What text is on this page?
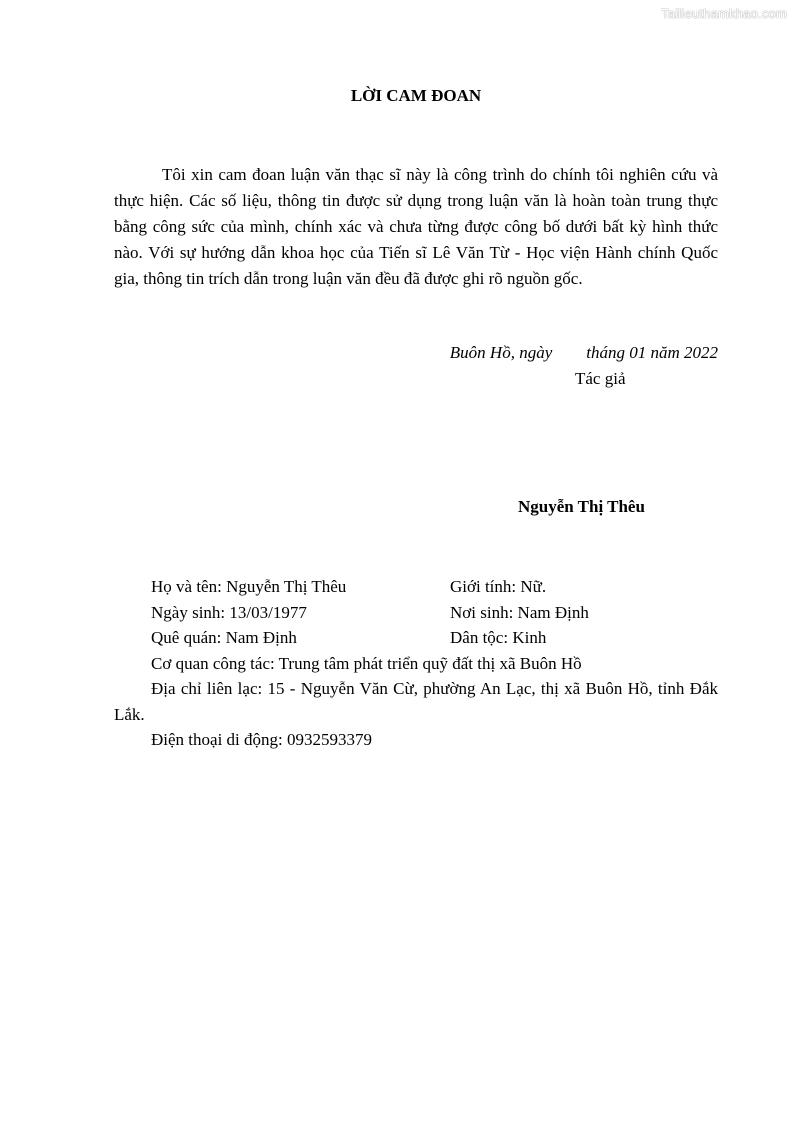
Tailieuthamkhao.com
LỜI CAM ĐOAN

Tôi xin cam đoan luận văn thạc sĩ này là công trình do chính tôi nghiên cứu và thực hiện. Các số liệu, thông tin được sử dụng trong luận văn là hoàn toàn trung thực bằng công sức của mình, chính xác và chưa từng được công bố dưới bất kỳ hình thức nào. Với sự hướng dẫn khoa học của Tiến sĩ Lê Văn Từ - Học viện Hành chính Quốc gia, thông tin trích dẫn trong luận văn đều đã được ghi rõ nguồn gốc.

Buôn Hồ, ngày tháng 01 năm 2022
Tác giả
Nguyễn Thị Thêu
Họ và tên: Nguyễn Thị Thêu	Giới tính: Nữ.
Ngày sinh: 13/03/1977	Nơi sinh: Nam Định
Quê quán: Nam Định	Dân tộc: Kinh
Cơ quan công tác: Trung tâm phát triển quỹ đất thị xã Buôn Hồ

Địa chỉ liên lạc: 15 - Nguyễn Văn Cừ, phường An Lạc, thị xã Buôn Hồ, tỉnh Đắk Lắk.

Điện thoại di động: 0932593379
